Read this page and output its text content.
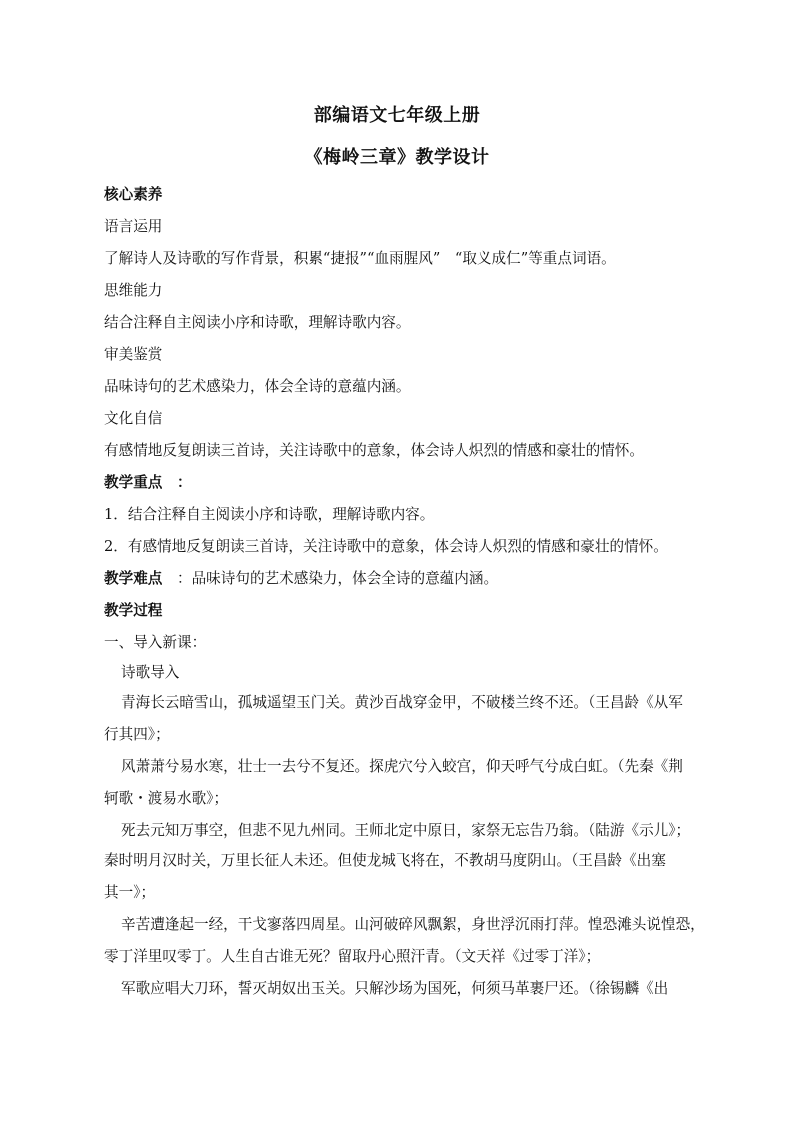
部编语文七年级上册
《梅岭三章》教学设计
核心素养
语言运用
了解诗人及诗歌的写作背景，积累“捷报”“血雨腥风”　“取义成仁”等重点词语。
思维能力
结合注释自主阅读小序和诗歌，理解诗歌内容。
审美鉴赏
品味诗句的艺术感染力，体会全诗的意蕴内涵。
文化自信
有感情地反复朗读三首诗，关注诗歌中的意象，体会诗人炽烈的情感和豪壮的情怀。
教学重点　：
1．结合注释自主阅读小序和诗歌，理解诗歌内容。
2．有感情地反复朗读三首诗，关注诗歌中的意象，体会诗人炽烈的情感和豪壮的情怀。
教学难点　：品味诗句的艺术感染力，体会全诗的意蕴内涵。
教学过程
一、导入新课：
诗歌导入
青海长云暗雪山，孤城遥望玉门关。黄沙百战穿金甲，不破楼兰终不还。（王昌龄《从军
行其四》；
风萧萧兮易水寒，壮士一去兮不复还。探虎穴兮入蛟宫，仰天呼气兮成白虹。（先秦《荆
轲歌・渡易水歌》；
死去元知万事空，但悲不见九州同。王师北定中原日，家祭无忘告乃翁。（陆游《示儿》；
秦时明月汉时关，万里长征人未还。但使龙城飞将在，不教胡马度阴山。（王昌龄《出塞
其一》；
辛苦遭逢起一经，干戈寥落四周星。山河破碎风飘絮，身世浮沉雨打萍。惶恐滩头说惶恐，
零丁洋里叹零丁。人生自古谁无死？留取丹心照汗青。（文天祥《过零丁洋》；
军歌应唱大刀环，誓灭胡奴出玉关。只解沙场为国死，何须马革裹尸还。（徐锡麟《出
